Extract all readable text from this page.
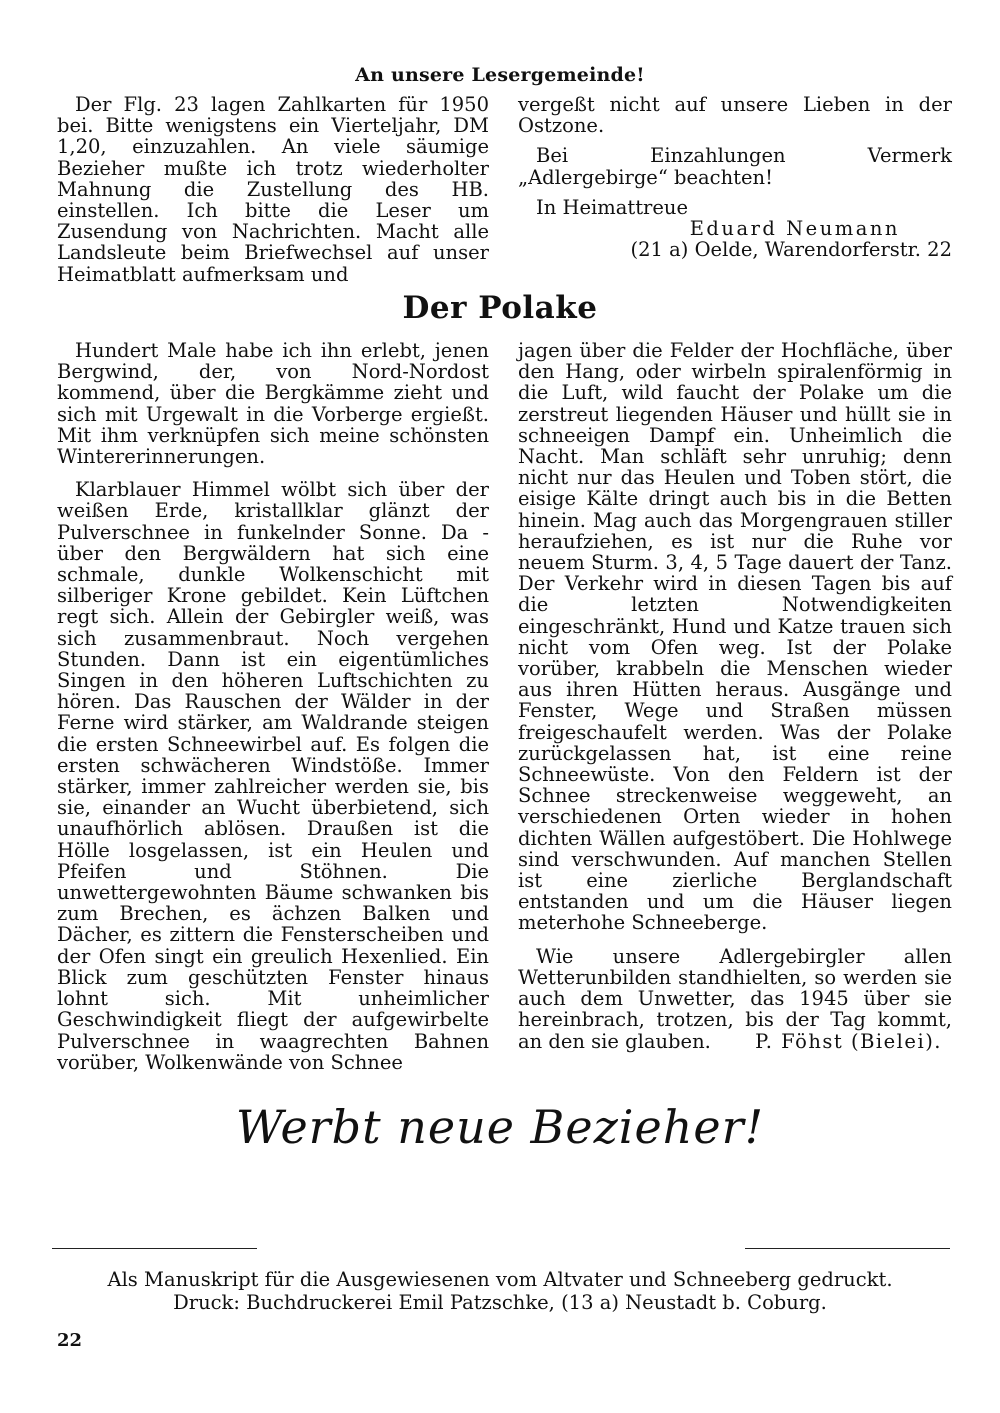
An unsere Lesergemeinde!

Der Flg. 23 lagen Zahlkarten für 1950 bei. Bitte wenigstens ein Vierteljahr, DM 1,20, einzuzahlen. An viele säumige Bezieher mußte ich trotz wiederholter Mahnung die Zustellung des HB. einstellen. Ich bitte die Leser um Zusendung von Nachrichten. Macht alle Landsleute beim Briefwechsel auf unser Heimatblatt aufmerksam und

vergeßt nicht auf unsere Lieben in der Ostzone.

Bei Einzahlungen Vermerk „Adlergebirge“ beachten!

In Heimattreue

Eduard Neumann
(21 a) Oelde, Warendorferstr. 22
Der Polake

Hundert Male habe ich ihn erlebt, jenen Bergwind, der, von Nord-Nordost kommend, über die Bergkämme zieht und sich mit Urgewalt in die Vorberge ergießt. Mit ihm verknüpfen sich meine schönsten Wintererinnerungen.

Klarblauer Himmel wölbt sich über der weißen Erde, kristallklar glänzt der Pulverschnee in funkelnder Sonne. Da - über den Bergwäldern hat sich eine schmale, dunkle Wolkenschicht mit silberiger Krone gebildet. Kein Lüftchen regt sich. Allein der Gebirgler weiß, was sich zusammenbraut. Noch vergehen Stunden. Dann ist ein eigentümliches Singen in den höheren Luftschichten zu hören. Das Rauschen der Wälder in der Ferne wird stärker, am Waldrande steigen die ersten Schneewirbel auf. Es folgen die ersten schwächeren Windstöße. Immer stärker, immer zahlreicher werden sie, bis sie, einander an Wucht überbietend, sich unaufhörlich ablösen. Draußen ist die Hölle losgelassen, ist ein Heulen und Pfeifen und Stöhnen. Die unwettergewohnten Bäume schwanken bis zum Brechen, es ächzen Balken und Dächer, es zittern die Fensterscheiben und der Ofen singt ein greulich Hexenlied. Ein Blick zum geschützten Fenster hinaus lohnt sich. Mit unheimlicher Geschwindigkeit fliegt der aufgewirbelte Pulverschnee in waagrechten Bahnen vorüber, Wolkenwände von Schnee

jagen über die Felder der Hochfläche, über den Hang, oder wirbeln spiralenförmig in die Luft, wild faucht der Polake um die zerstreut liegenden Häuser und hüllt sie in schneeigen Dampf ein. Unheimlich die Nacht. Man schläft sehr unruhig; denn nicht nur das Heulen und Toben stört, die eisige Kälte dringt auch bis in die Betten hinein. Mag auch das Morgengrauen stiller heraufziehen, es ist nur die Ruhe vor neuem Sturm. 3, 4, 5 Tage dauert der Tanz. Der Verkehr wird in diesen Tagen bis auf die letzten Notwendigkeiten eingeschränkt, Hund und Katze trauen sich nicht vom Ofen weg. Ist der Polake vorüber, krabbeln die Menschen wieder aus ihren Hütten heraus. Ausgänge und Fenster, Wege und Straßen müssen freigeschaufelt werden. Was der Polake zurückgelassen hat, ist eine reine Schneewüste. Von den Feldern ist der Schnee streckenweise weggeweht, an verschiedenen Orten wieder in hohen dichten Wällen aufgestöbert. Die Hohlwege sind verschwunden. Auf manchen Stellen ist eine zierliche Berglandschaft entstanden und um die Häuser liegen meterhohe Schneeberge.

Wie unsere Adlergebirgler allen Wetterunbilden standhielten, so werden sie auch dem Unwetter, das 1945 über sie hereinbrach, trotzen, bis der Tag kommt, an den sie glauben.	P. Föhst (Bielei).
Werbt neue Bezieher!
Als Manuskript für die Ausgewiesenen vom Altvater und Schneeberg gedruckt.
Druck: Buchdruckerei Emil Patzschke, (13 a) Neustadt b. Coburg.
22
